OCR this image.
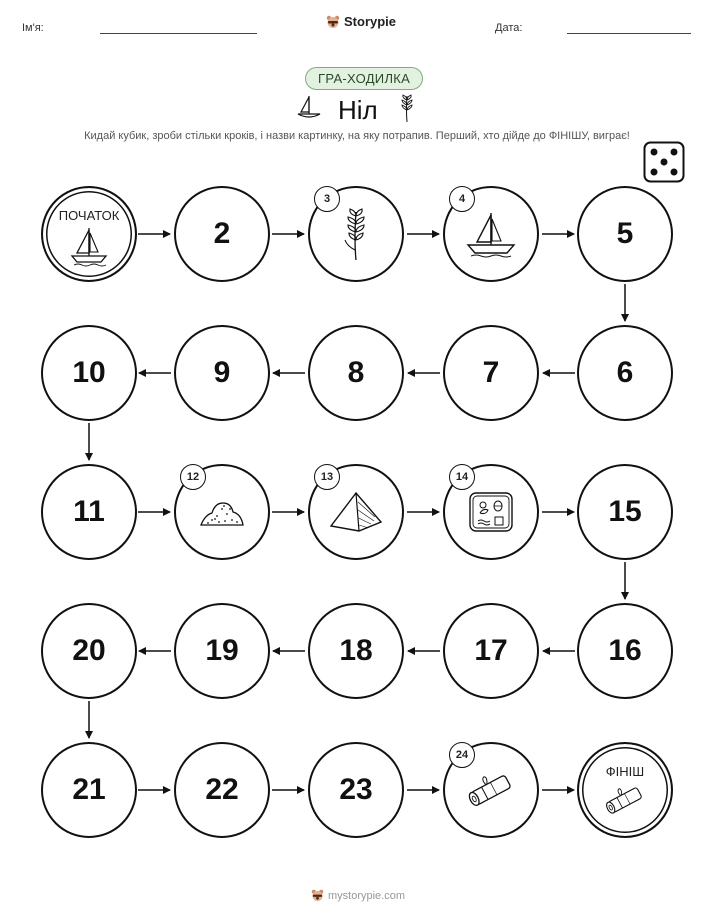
Ім'я:	Storypie	Дата:
ГРА-ХОДИЛКА
Ніл
Кидай кубик, зроби стільки кроків, і назви картинку, на яку потрапив. Перший, хто дійде до ФІНІШУ, виграє!
ПОЧАТОК
2
3	4
5
10	9	8	7	6
11
12	13	14
15
20	19	18	17	16
21	22	23
24
ФІНІШ
mystorypie.com
